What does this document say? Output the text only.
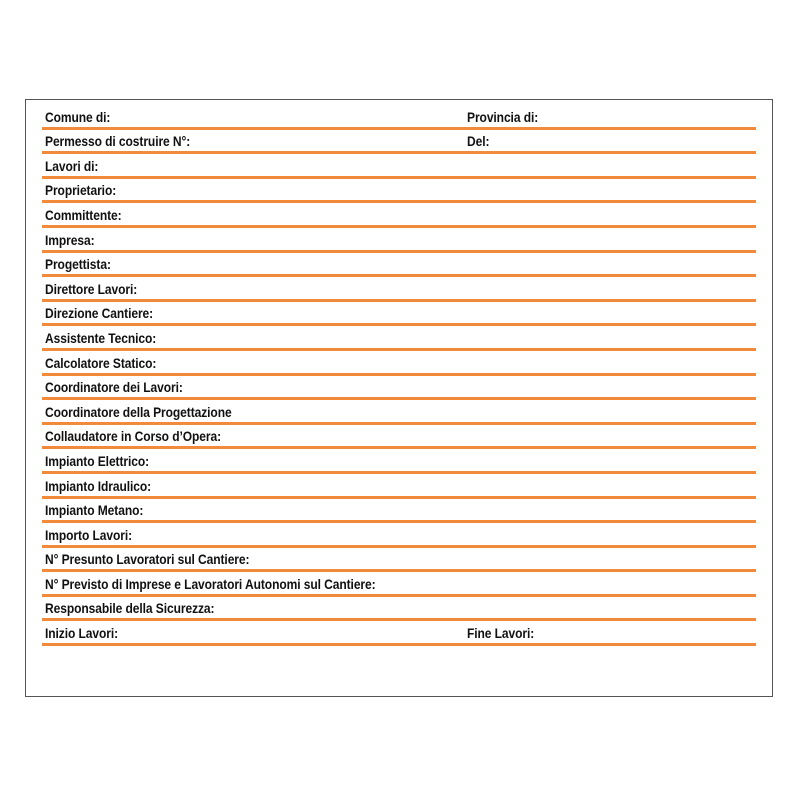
Comune di:	Provincia di:
Permesso di costruire N°:	Del:
Lavori di:
Proprietario:
Committente:
Impresa:
Progettista:
Direttore Lavori:
Direzione Cantiere:
Assistente Tecnico:
Calcolatore Statico:
Coordinatore dei Lavori:
Coordinatore della Progettazione
Collaudatore in Corso d’Opera:
Impianto Elettrico:
Impianto Idraulico:
Impianto Metano:
Importo Lavori:
N° Presunto Lavoratori sul Cantiere:
N° Previsto di Imprese e Lavoratori Autonomi sul Cantiere:
Responsabile della Sicurezza:
Inizio Lavori:	Fine Lavori:
